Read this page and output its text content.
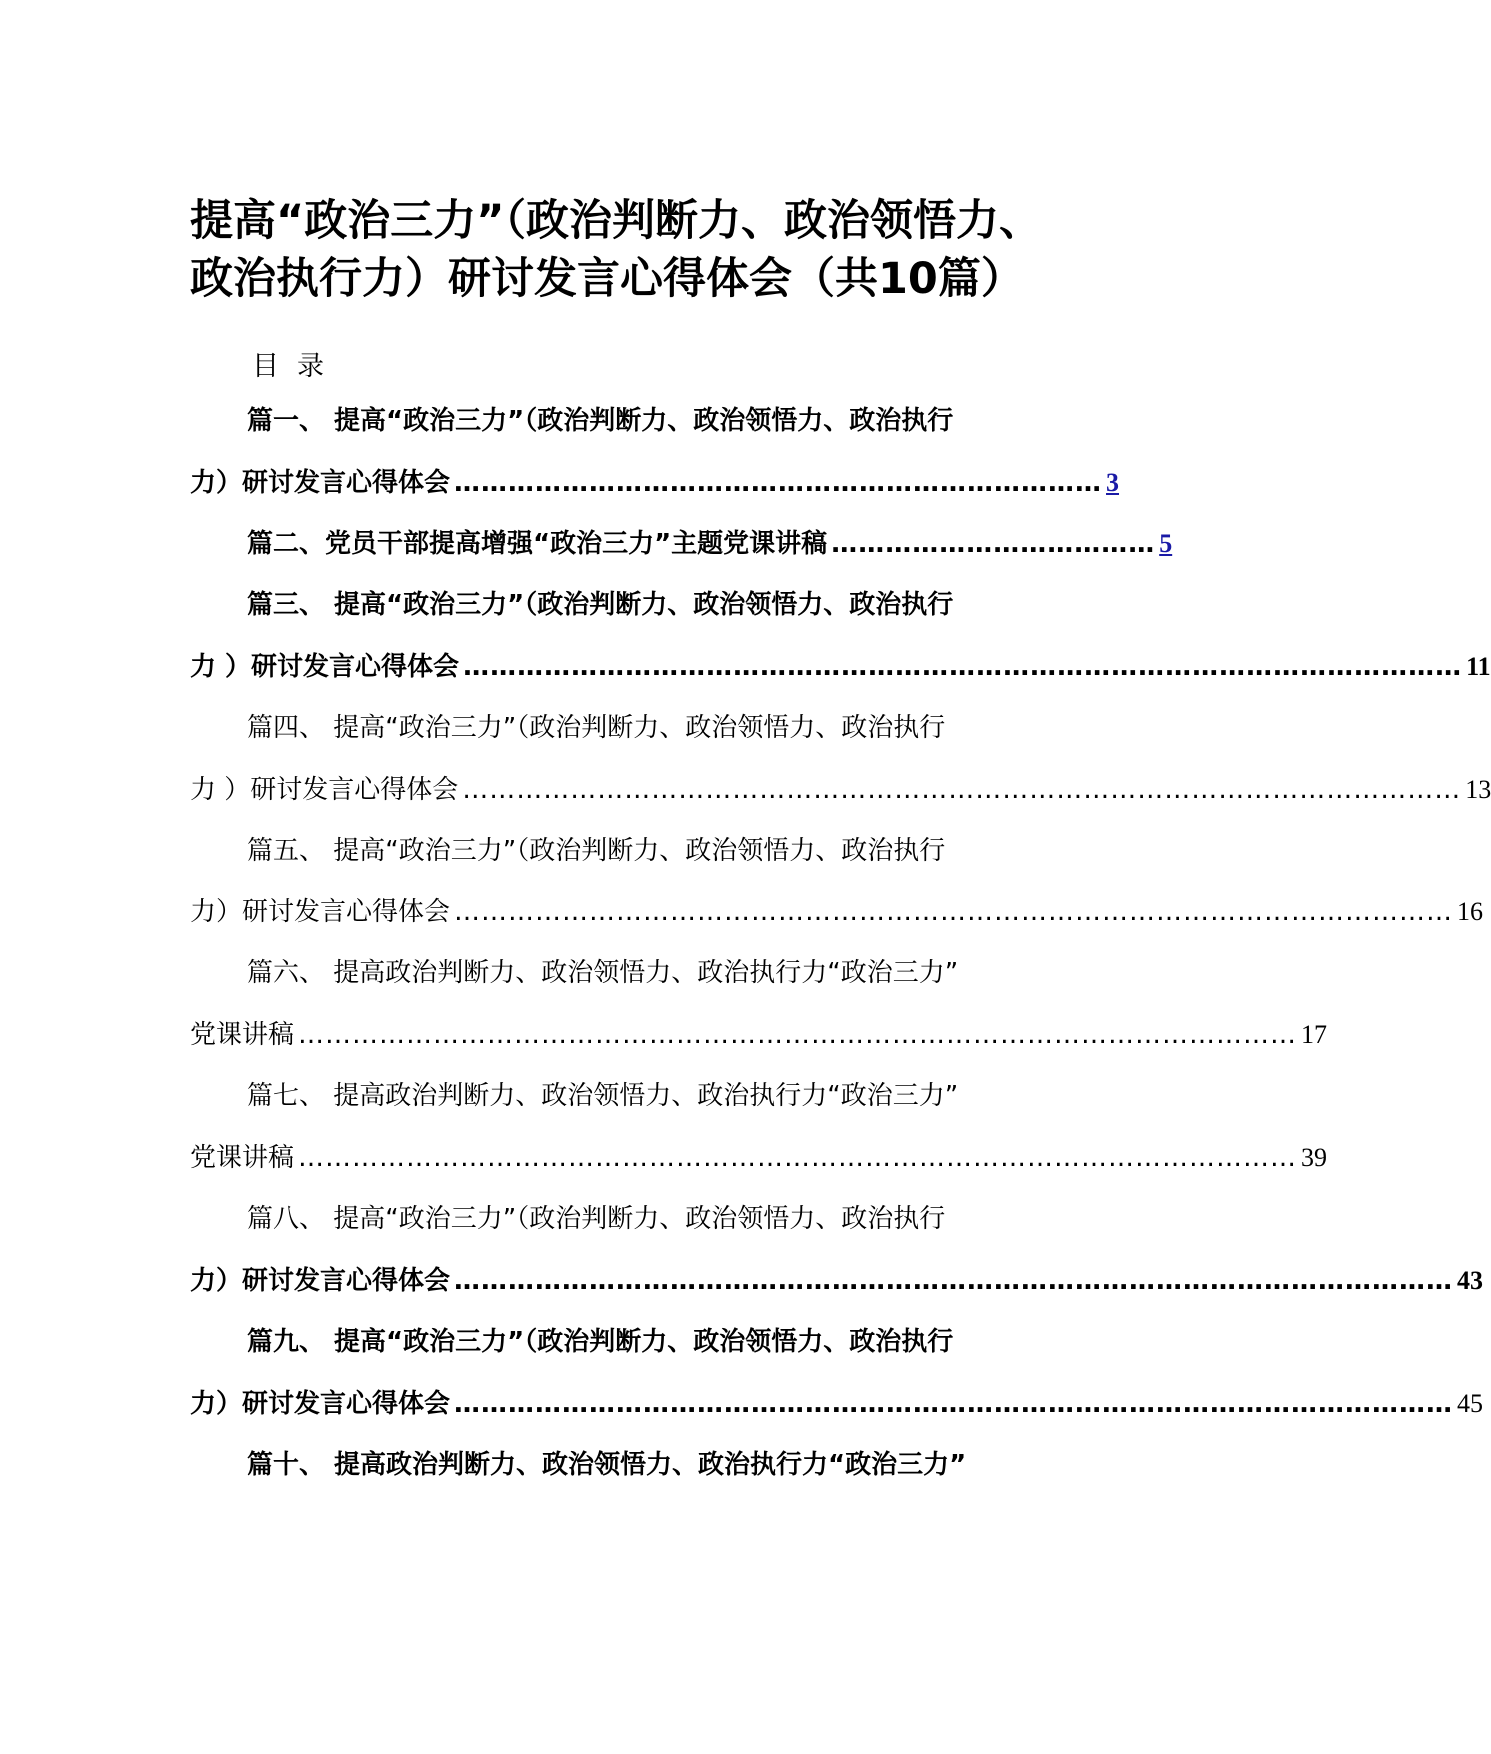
提高“政治三力”（政治判断力、政治领悟力、
政治执行力）研讨发言心得体会（共10篇）
目录
篇一、 提高“政治三力”（政治判断力、政治领悟力、政治执行
力）研讨发言心得体会 ……………………………………………………………… 3
篇二、党员干部提高增强“政治三力”主题党课讲稿 ……………………………… 5
篇三、 提高“政治三力”（政治判断力、政治领悟力、政治执行
力 ）研讨发言心得体会 ………………………………………………………………………………………………… 11
篇四、 提高“政治三力”（政治判断力、政治领悟力、政治执行
力 ）研讨发言心得体会 ………………………………………………………………………………………………… 13
篇五、 提高“政治三力”（政治判断力、政治领悟力、政治执行
力）研讨发言心得体会 ………………………………………………………………………………………………… 16
篇六、 提高政治判断力、政治领悟力、政治执行力“政治三力”
党课讲稿 ………………………………………………………………………………………………… 17
篇七、 提高政治判断力、政治领悟力、政治执行力“政治三力”
党课讲稿 ………………………………………………………………………………………………… 39
篇八、 提高“政治三力”（政治判断力、政治领悟力、政治执行
力）研讨发言心得体会 ………………………………………………………………………………………………… 43
篇九、 提高“政治三力”（政治判断力、政治领悟力、政治执行
力）研讨发言心得体会 ………………………………………………………………………………………………… 45
篇十、 提高政治判断力、政治领悟力、政治执行力“政治三力”
